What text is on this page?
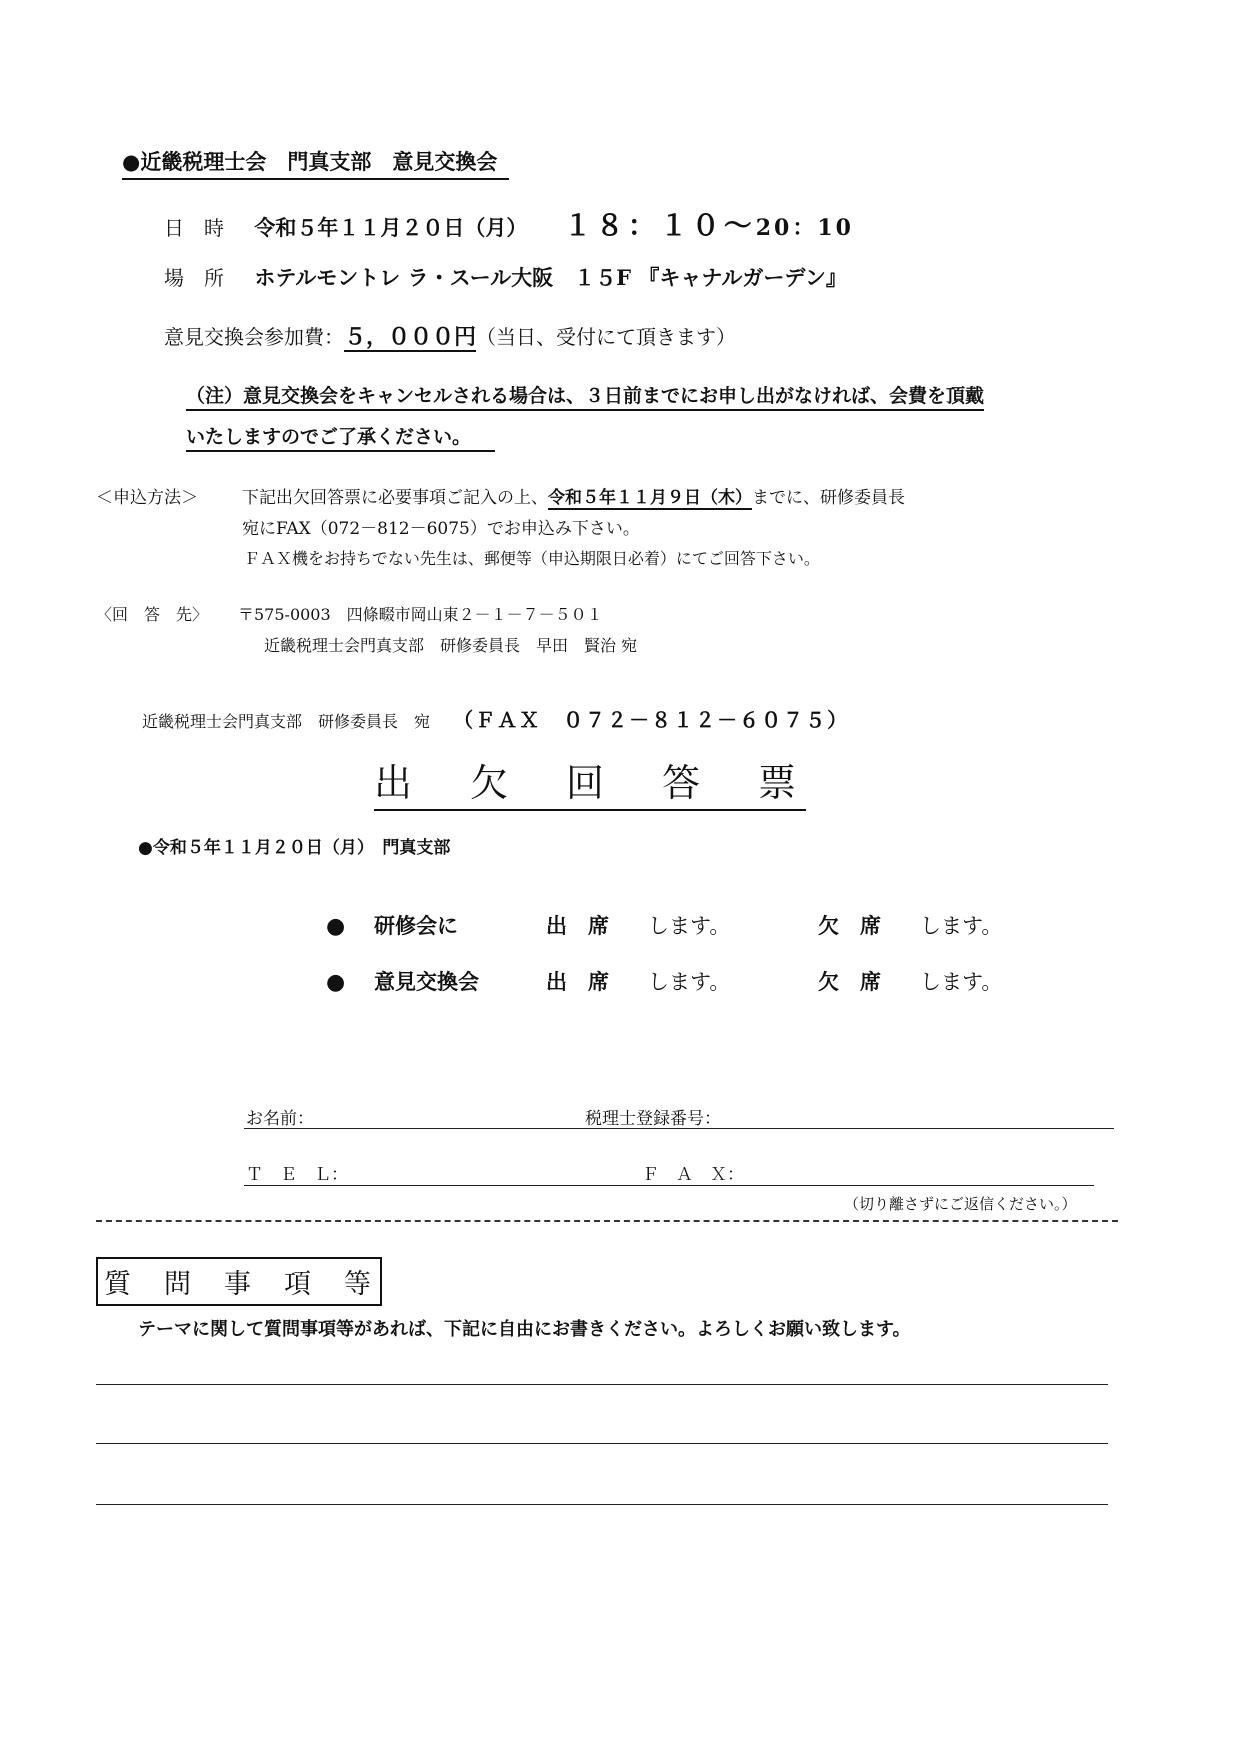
●近畿税理士会　門真支部　意見交換会
日　時 令和５年１１月２０日（月） １８：１０～20：10
場　所 ホテルモントレ ラ・スール大阪　１５F 『キャナルガーデン』
意見交換会参加費：５，０００円（当日、受付にて頂きます）
（注）意見交換会をキャンセルされる場合は、３日前までにお申し出がなければ、会費を頂戴
いたしますのでご了承ください。
＜申込方法＞	下記出欠回答票に必要事項ご記入の上、令和５年１１月９日（木）までに、研修委員長
宛にFAX（072－812－6075）でお申込み下さい。
ＦＡＸ機をお持ちでない先生は、郵便等（申込期限日必着）にてご回答下さい。
〈回　答　先〉 〒575-0003　四條畷市岡山東２－１－７－５０１
近畿税理士会門真支部　研修委員長　早田　賢治 宛
近畿税理士会門真支部　研修委員長　宛 （ＦＡＸ　０７２－８１２－６０７５）
出　欠　回　答　票
●令和５年１１月２０日（月）　門真支部
● 研修会に	出　席 します。	欠　席 します。
● 意見交換会	出　席 します。	欠　席 します。
お名前：	税理士登録番号：
Ｔ　Ｅ　Ｌ：	Ｆ　Ａ　Ｘ：
（切り離さずにご返信ください。）
質　問　事　項　等
テーマに関して質問事項等があれば、下記に自由にお書きください。よろしくお願い致します。
